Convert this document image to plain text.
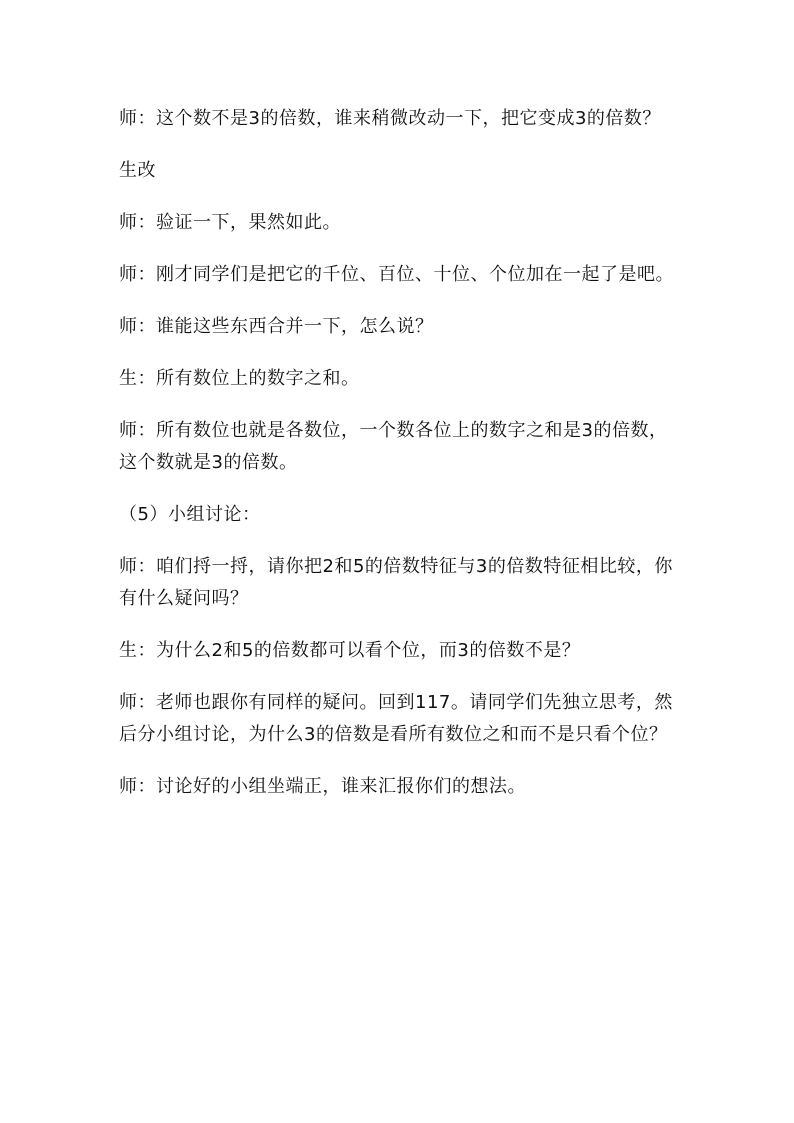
师：这个数不是3的倍数，谁来稍微改动一下，把它变成3的倍数？

生改

师：验证一下，果然如此。

师：刚才同学们是把它的千位、百位、十位、个位加在一起了是吧。

师：谁能这些东西合并一下，怎么说？

生：所有数位上的数字之和。

师：所有数位也就是各数位，一个数各位上的数字之和是3的倍数，这个数就是3的倍数。

（5）小组讨论：

师：咱们捋一捋，请你把2和5的倍数特征与3的倍数特征相比较，你有什么疑问吗？

生：为什么2和5的倍数都可以看个位，而3的倍数不是？

师：老师也跟你有同样的疑问。回到117。请同学们先独立思考，然后分小组讨论，为什么3的倍数是看所有数位之和而不是只看个位？

师：讨论好的小组坐端正，谁来汇报你们的想法。
